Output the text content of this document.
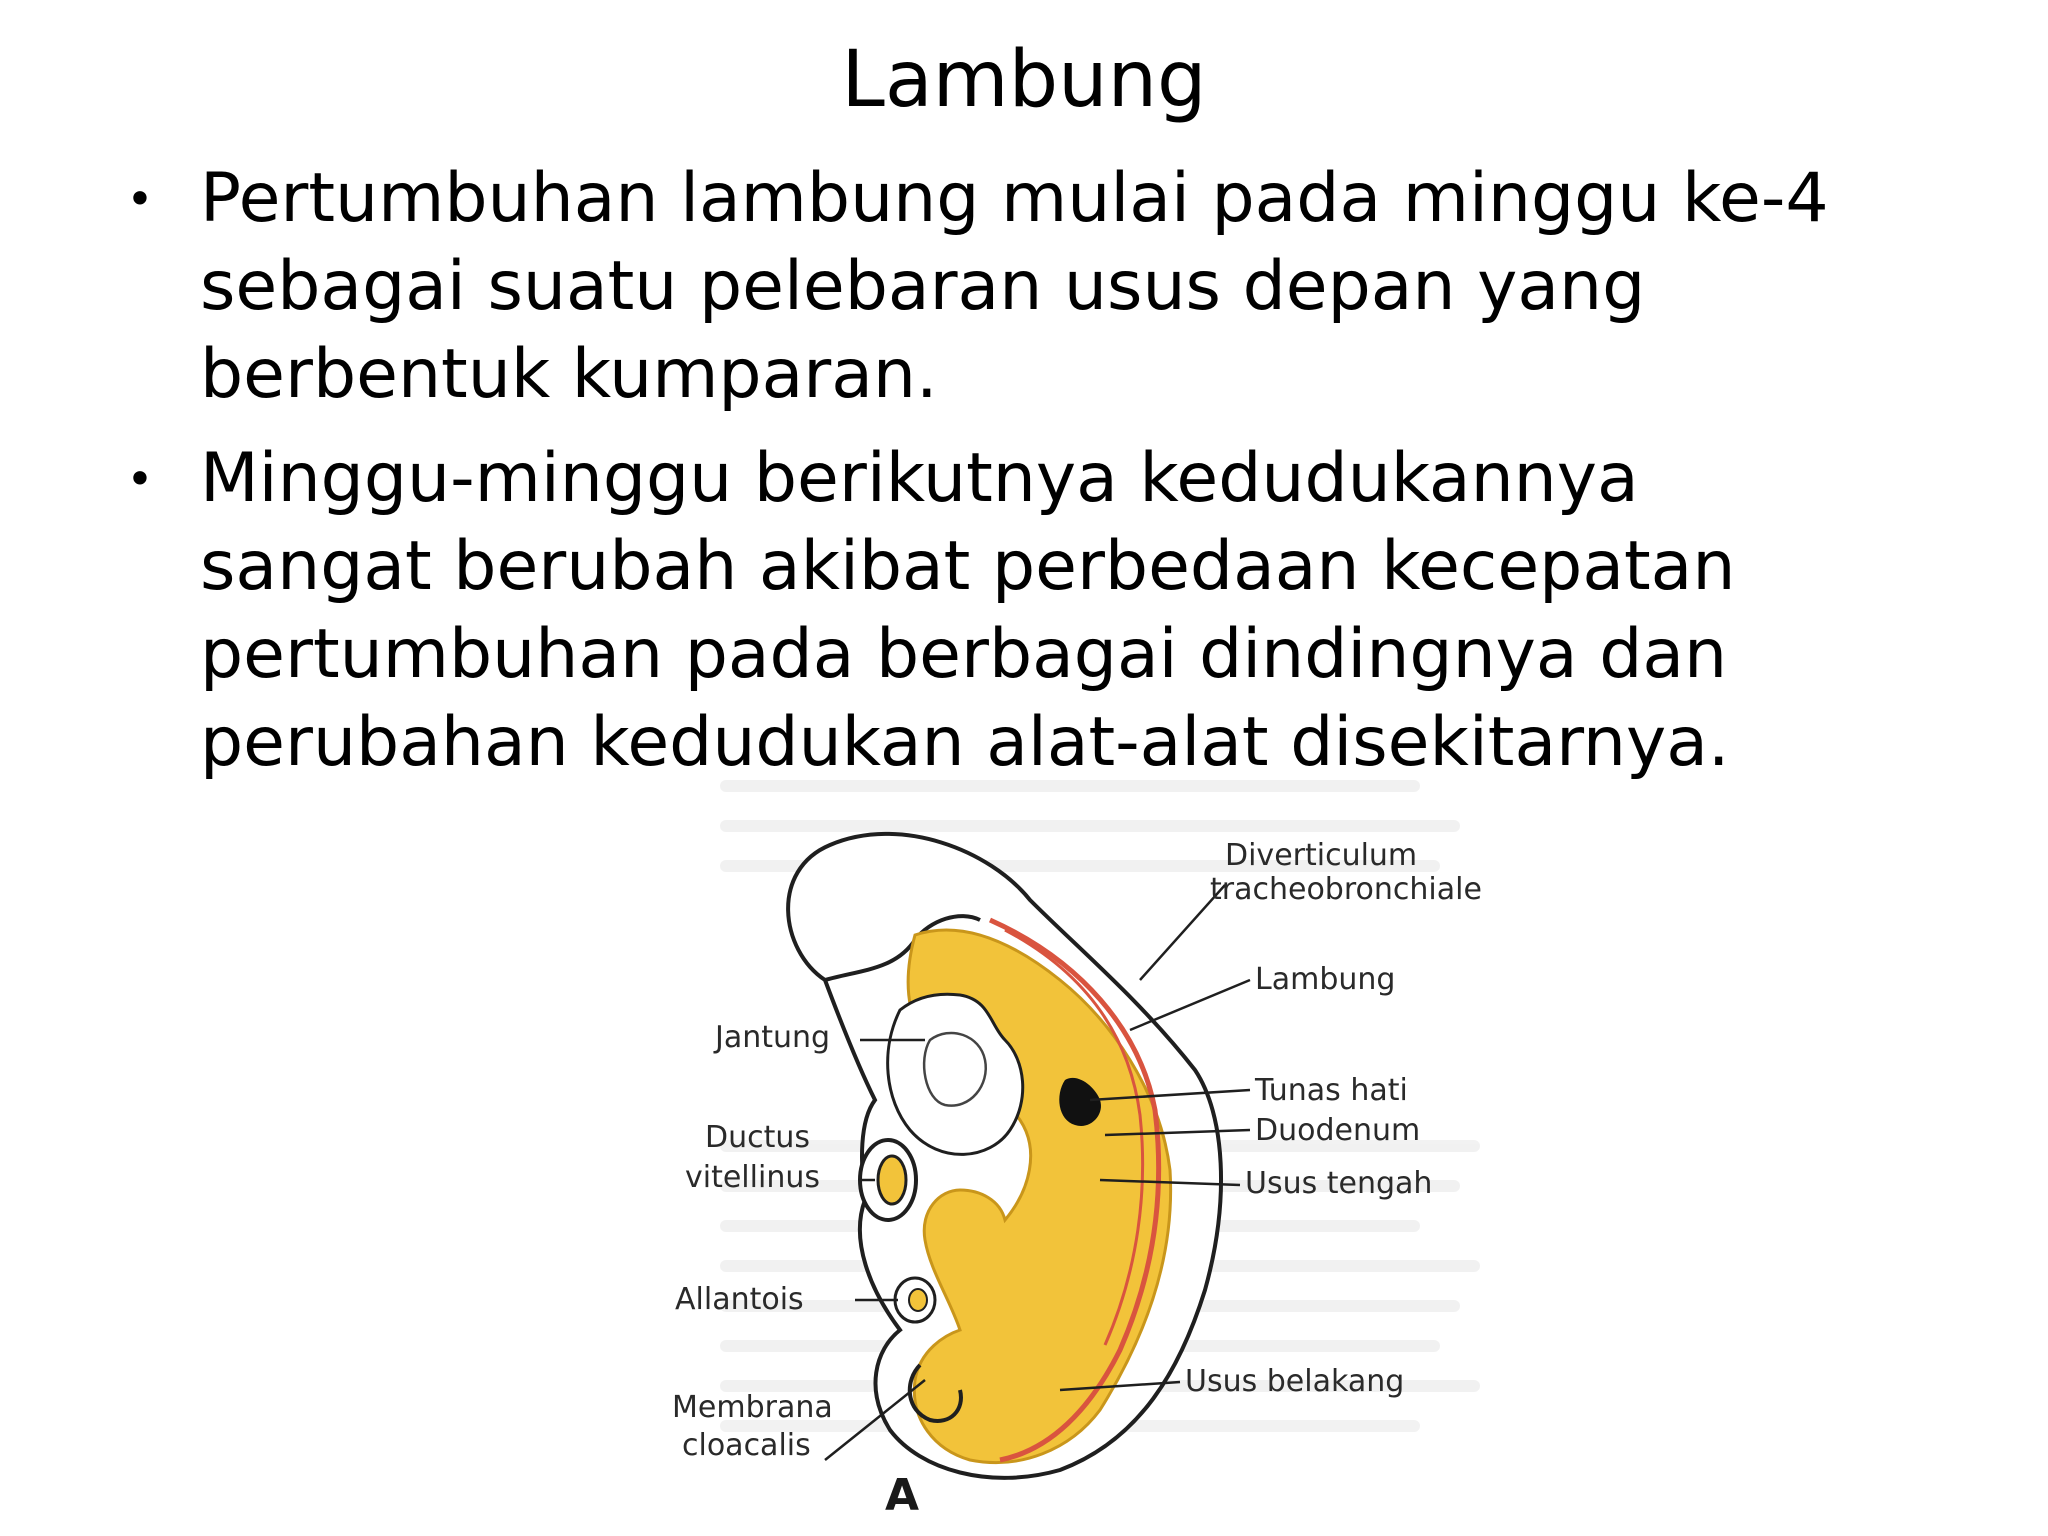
Lambung
• Pertumbuhan lambung mulai pada minggu ke-4
sebagai suatu pelebaran usus depan yang
berbentuk kumparan.
• Minggu-minggu berikutnya kedudukannya
sangat berubah akibat perbedaan kecepatan
pertumbuhan pada berbagai dindingnya dan
perubahan kedudukan alat-alat disekitarnya.
Diverticulum
tracheobronchiale
Lambung
Jantung
Tunas hati
Duodenum
Ductus
vitellinus	Usus tengah
Allantois
Usus belakang
Membrana
cloacalis
A
